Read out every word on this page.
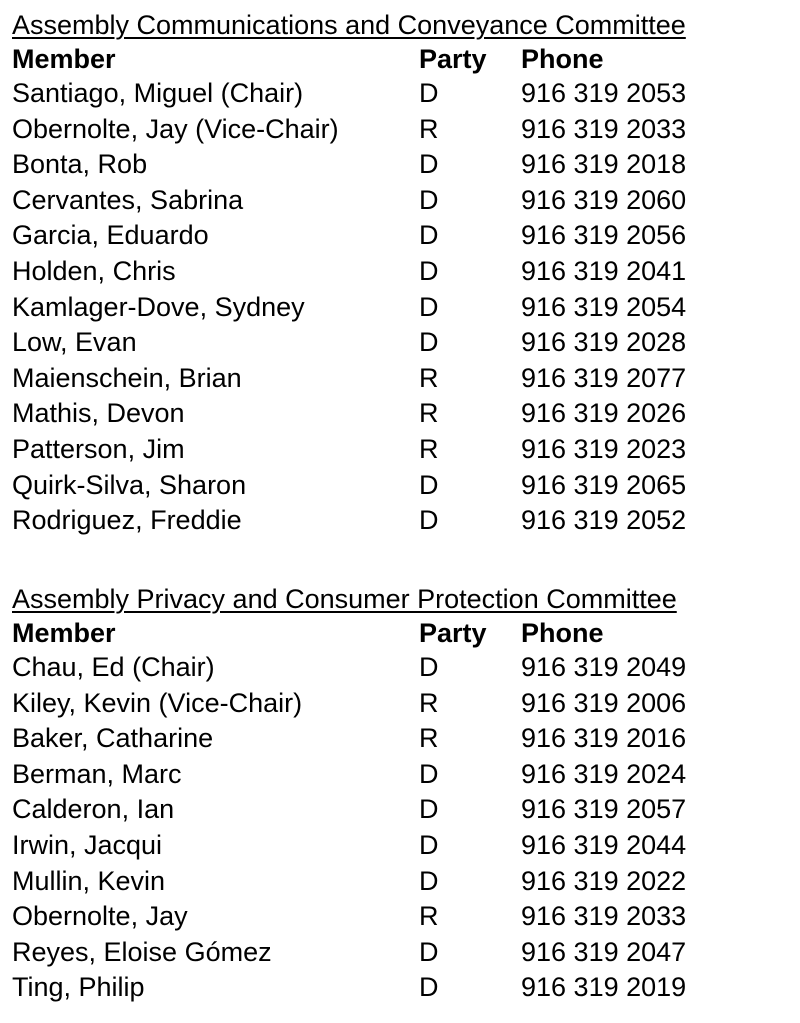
Assembly Communications and Conveyance Committee
Member	Party Phone
Santiago, Miguel (Chair)	D	916 319 2053
Obernolte, Jay (Vice-Chair)	R	916 319 2033
Bonta, Rob	D	916 319 2018
Cervantes, Sabrina	D	916 319 2060
Garcia, Eduardo	D	916 319 2056
Holden, Chris	D	916 319 2041
Kamlager-Dove, Sydney	D	916 319 2054
Low, Evan	D	916 319 2028
Maienschein, Brian	R	916 319 2077
Mathis, Devon	R	916 319 2026
Patterson, Jim	R	916 319 2023
Quirk-Silva, Sharon	D	916 319 2065
Rodriguez, Freddie	D	916 319 2052
Assembly Privacy and Consumer Protection Committee
Member	Party Phone
Chau, Ed (Chair)	D	916 319 2049
Kiley, Kevin (Vice-Chair)	R	916 319 2006
Baker, Catharine	R	916 319 2016
Berman, Marc	D	916 319 2024
Calderon, Ian	D	916 319 2057
Irwin, Jacqui	D	916 319 2044
Mullin, Kevin	D	916 319 2022
Obernolte, Jay	R	916 319 2033
Reyes, Eloise Gómez	D	916 319 2047
Ting, Philip	D	916 319 2019
